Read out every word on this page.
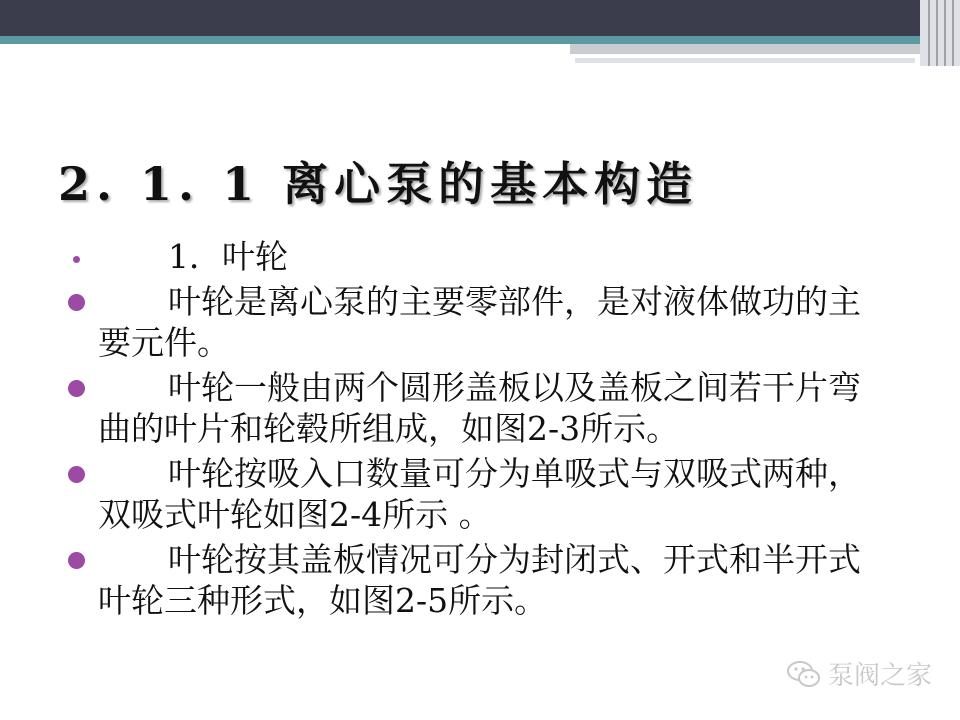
2. 1. 1 离心泵的基本构造
1．叶轮
叶轮是离心泵的主要零部件，是对液体做功的主要元件。
叶轮一般由两个圆形盖板以及盖板之间若干片弯曲的叶片和轮毂所组成，如图2-3所示。
叶轮按吸入口数量可分为单吸式与双吸式两种，双吸式叶轮如图2-4所示 。
叶轮按其盖板情况可分为封闭式、开式和半开式叶轮三种形式，如图2-5所示。
泵阀之家
